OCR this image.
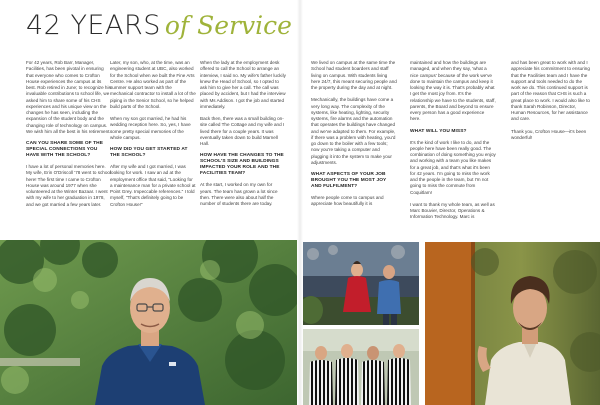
42 YEARS of Service

For 42 years, Rob Barr, Manager, Facilities, has been pivotal in ensuring that everyone who comes to Crofton House experiences the campus at its best. Rob retired in June; to recognize his invaluable contributions to school life, we asked him to share some of his CHS experiences and his unique view on the changes he has seen, including the expansion of the student body and the changing role of technology on campus. We wish him all the best in his retirement.

CAN YOU SHARE SOME OF THE SPECIAL CONNECTIONS YOU HAVE WITH THE SCHOOL?

I have a lot of personal memories here. My wife, Erin O'Driscoll '78 went to school here! The first time I came to Crofton House was around 1977 when she volunteered at the Winter Bazaar. I went with my wife to her graduation in 1978, and we got married a few years later.

Later, my son, who, at the time, was an engineering student at UBC, also worked for the School when we built the Fine Arts Centre. He also worked as part of the summer support team with the mechanical contractor to install a lot of the piping in the Senior School, so he helped build parts of the School.

When my son got married, he had his wedding reception here. So, yes, I have some pretty special memories of the whole campus.

HOW DID YOU GET STARTED AT THE SCHOOL?

After my wife and I got married, I was looking for work. I saw an ad at the employment office that said, "Looking for a maintenance man for a private school at Point Grey. Impeccable references." I told myself, "That's definitely going to be Crofton House!"

When the lady at the employment desk offered to call the School to arrange an interview, I said no. My wife's father luckily knew the Head of School, so I opted to ask him to give her a call. The call was placed by accident, but I had the interview with Ms Addison. I got the job and started immediately.

Back then, there was a small building on-site called The Cottage and my wife and I lived there for a couple years. It was eventually taken down to build Marnell Hall.

HOW HAVE THE CHANGES TO THE SCHOOL'S SIZE AND BUILDINGS IMPACTED YOUR ROLE AND THE FACILITIES TEAM?

At the start, I worked on my own for years. The team has grown a lot since then. There were also about half the number of students there are today.

We lived on campus at the same time the School had student boarders and staff living on campus. With students living here 24/7, this meant securing people and the property during the day and at night.

Mechanically, the buildings have come a very long way. The complexity of the systems, like heating, lighting, security systems, fire alarms and the automation that operates the buildings have changed and we've adapted to them. For example, if there was a problem with heating, you'd go down to the boiler with a few tools; now you're taking a computer and plugging it into the system to make your adjustments.

WHAT ASPECTS OF YOUR JOB BROUGHT YOU THE MOST JOY AND FULFILMENT?

Where people come to campus and appreciate how beautifully it is

maintained and how the buildings are managed, and when they say, 'what a nice campus' because of the work we've done to maintain the campus and keep it looking the way it is. That's probably what I get the most joy from. It's the relationship we have to the students, staff, parents, the Board and beyond to ensure every person has a good experience here.

WHAT WILL YOU MISS?

It's the kind of work I like to do, and the people here have been really good. The combination of doing something you enjoy and working with a team you like makes for a great job, and that's what it's been for 42 years. I'm going to miss the work and the people in the team, but I'm not going to miss the commute from Coquitlam!

I want to thank my whole team, as well as Marc Bouvier, Director, Operations & Information Technology. Marc is

and has been great to work with and I appreciate his commitment to ensuring that the Facilities team and I have the support and tools needed to do the work we do. This continued support is part of the reason that CHS is such a great place to work. I would also like to thank Sarah Robinson, Director, Human Resources, for her assistance and care.

Thank you, Crofton House—it's been wonderful!
